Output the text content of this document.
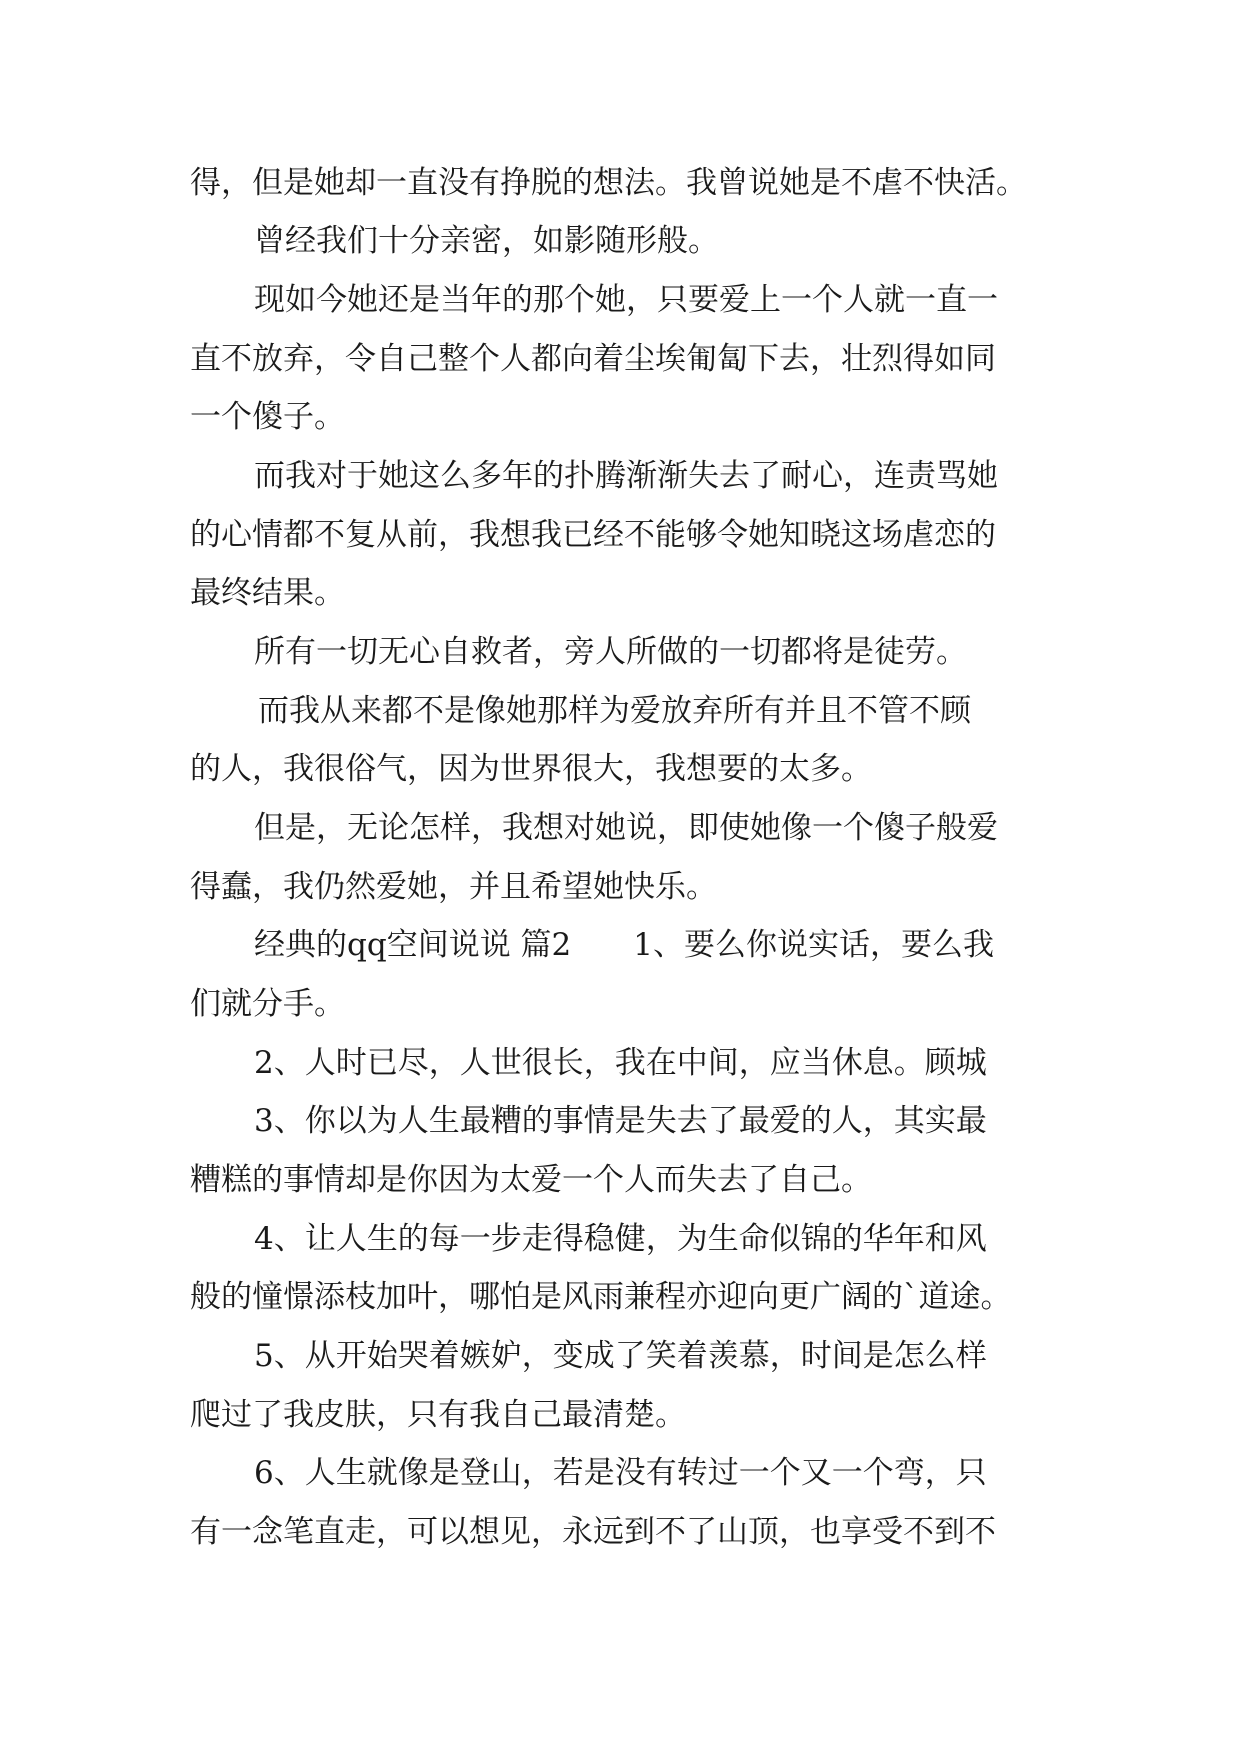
得，但是她却一直没有挣脱的想法。我曾说她是不虐不快活。
曾经我们十分亲密，如影随形般。
现如今她还是当年的那个她，只要爱上一个人就一直一
直不放弃，令自己整个人都向着尘埃匍匐下去，壮烈得如同
一个傻子。
而我对于她这么多年的扑腾渐渐失去了耐心，连责骂她
的心情都不复从前，我想我已经不能够令她知晓这场虐恋的
最终结果。
所有一切无心自救者，旁人所做的一切都将是徒劳。
而我从来都不是像她那样为爱放弃所有并且不管不顾
的人，我很俗气，因为世界很大，我想要的太多。
但是，无论怎样，我想对她说，即使她像一个傻子般爱
得蠢，我仍然爱她，并且希望她快乐。
经典的qq空间说说 篇2　　1、要么你说实话，要么我
们就分手。
2、人时已尽，人世很长，我在中间，应当休息。顾城
3、你以为人生最糟的事情是失去了最爱的人，其实最
糟糕的事情却是你因为太爱一个人而失去了自己。
4、让人生的每一步走得稳健，为生命似锦的华年和风
般的憧憬添枝加叶，哪怕是风雨兼程亦迎向更广阔的`道途。
5、从开始哭着嫉妒，变成了笑着羡慕，时间是怎么样
爬过了我皮肤，只有我自己最清楚。
6、人生就像是登山，若是没有转过一个又一个弯，只
有一念笔直走，可以想见，永远到不了山顶，也享受不到不
